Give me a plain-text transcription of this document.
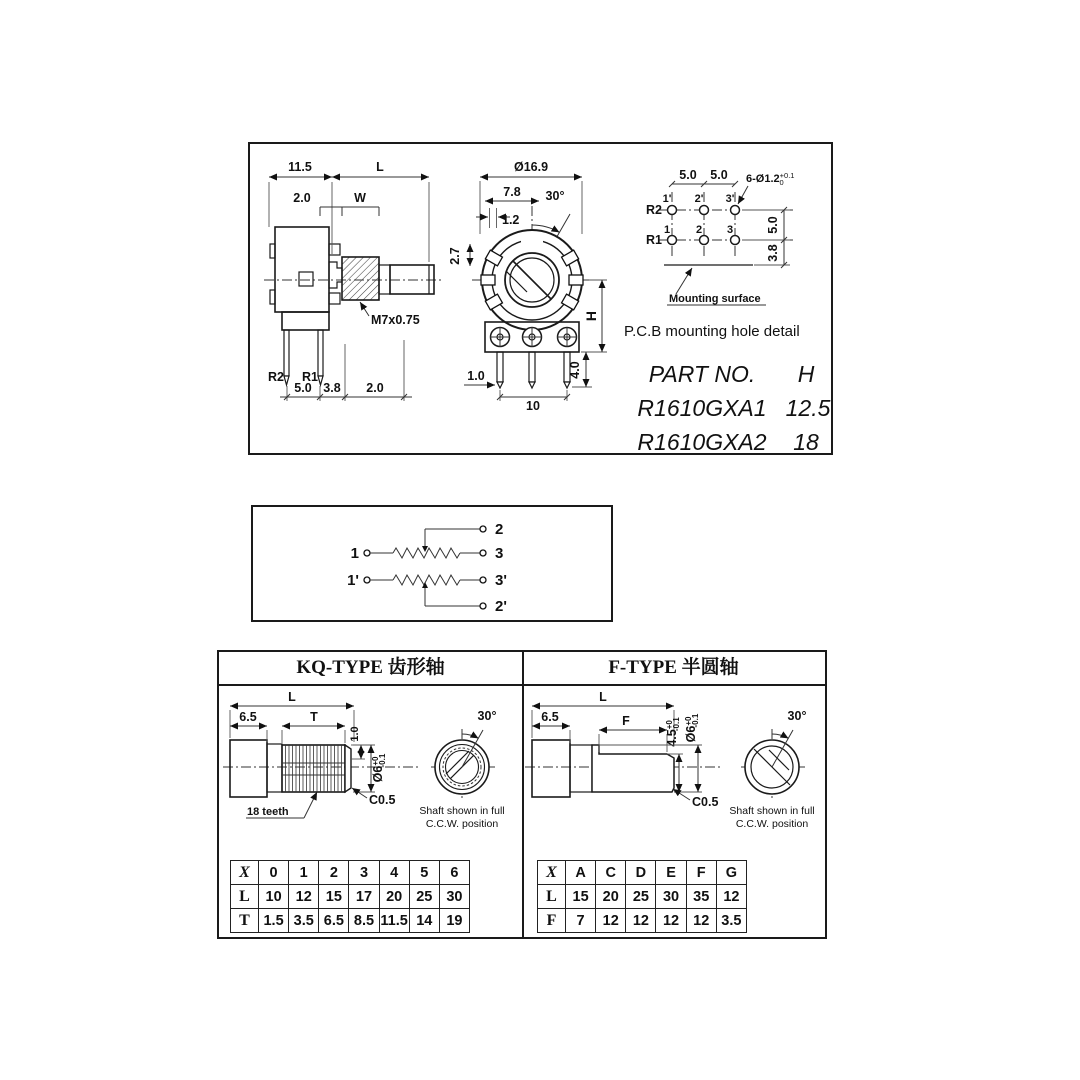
11.5	L
2.0	W
M7x0.75
R2 R1
5.0 3.8 2.0
Ø16.9
7.8 30°
1.2
2.7
H
4.0
1.0
10
5.0 5.0 $6-Ø1.2^{+0.1}$ 0
R2
R1
1' 2' 3'
1 2 3	5.0
3.8
Mounting surface
P.C.B mounting hole detail
PART NO. H
R1610GXA1 12.5
R1610GXA2 18
1	3
2
1'	3'
2'
KQ-TYPE 齿形轴	F-TYPE 半圆轴
L
6.5	T
1.0
$Ø6^{+0}-0.1$
C0.5
18 teeth
30°
Shaft shown in full
C.C.W. position
L
6.5	F
$4.5^{+0}-0.1$
$Ø6^{+0}-0.1$
C0.5
30°
Shaft shown in full
C.C.W. position
X	0	1	2	3	4	5	6
L	10	12	15	17	20	25	30
T	1.5	3.5	6.5	8.5	11.5	14	19
X	A	C	D	E	F	G
L	15	20	25	30	35	12
F	7	12	12	12	12	3.5
